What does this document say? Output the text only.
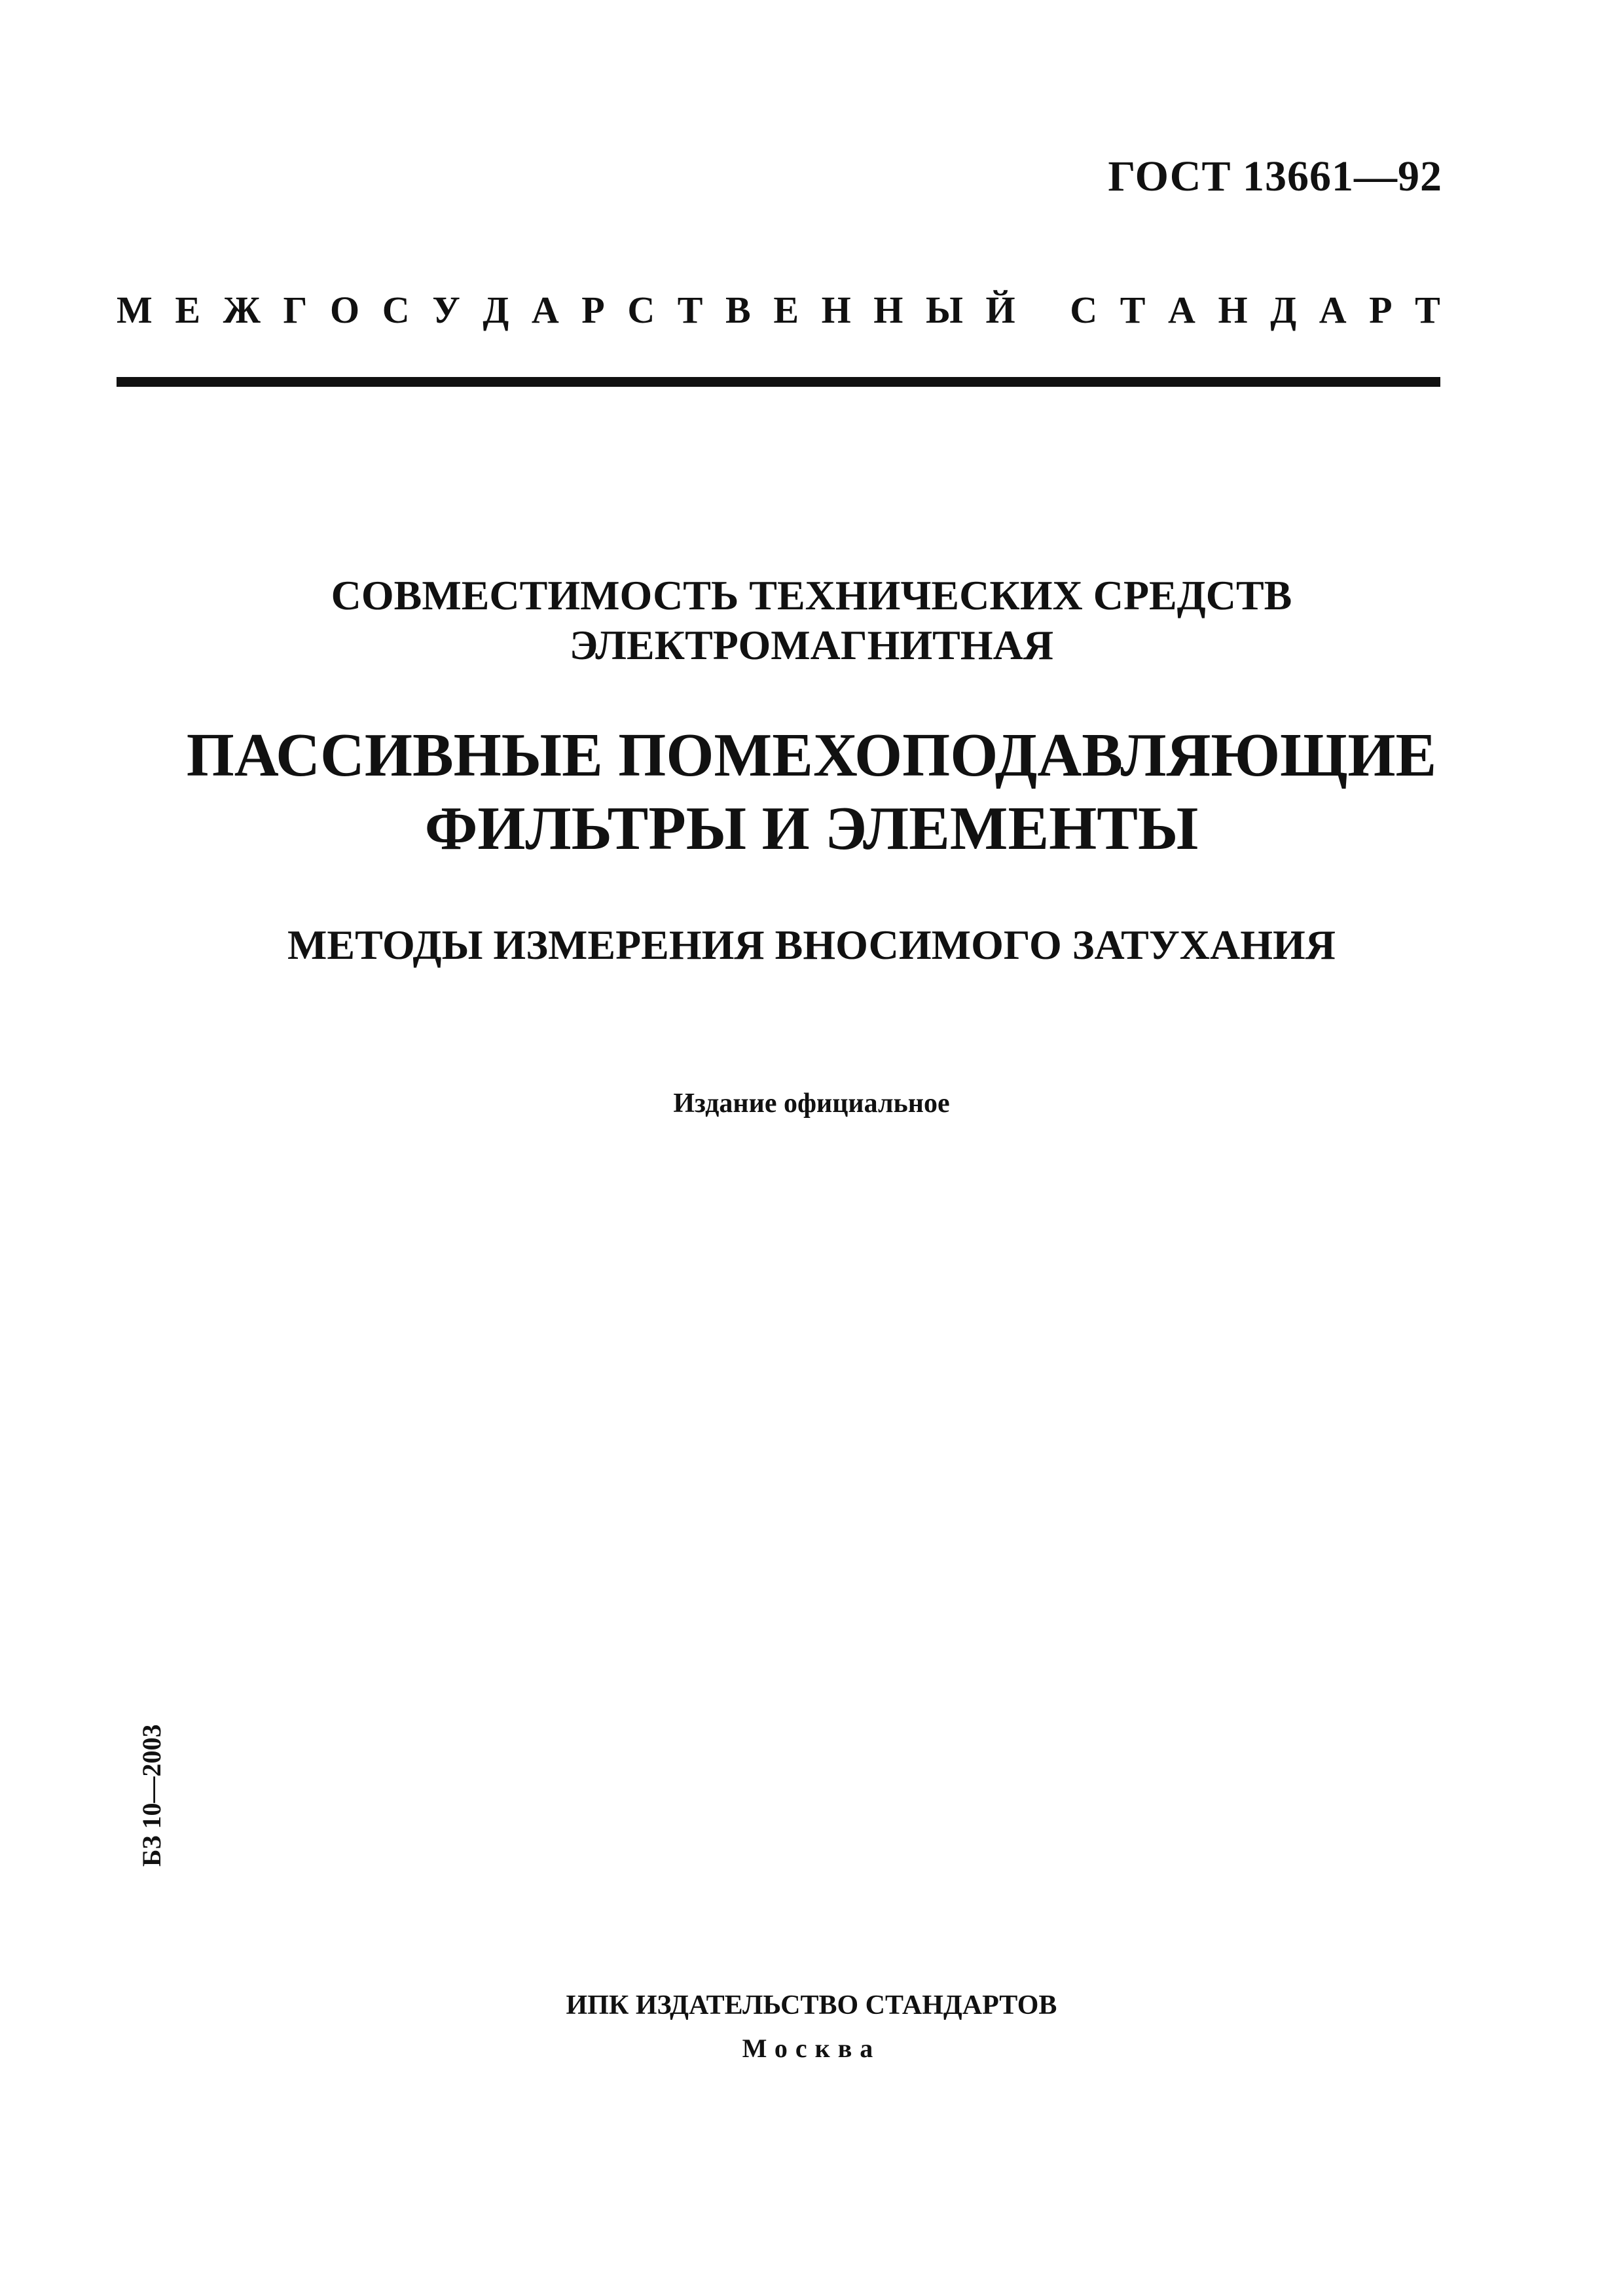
ГОСТ 13661—92
М Е Ж Г О С У Д А Р С Т В Е Н Н Ы Й
С Т А Н Д А Р Т
СОВМЕСТИМОСТЬ ТЕХНИЧЕСКИХ СРЕДСТВ
ЭЛЕКТРОМАГНИТНАЯ
ПАССИВНЫЕ ПОМЕХОПОДАВЛЯЮЩИЕ
ФИЛЬТРЫ И ЭЛЕМЕНТЫ
МЕТОДЫ ИЗМЕРЕНИЯ ВНОСИМОГО ЗАТУХАНИЯ
Издание официальное
БЗ 10—2003
ИПК ИЗДАТЕЛЬСТВО СТАНДАРТОВ
Москва
